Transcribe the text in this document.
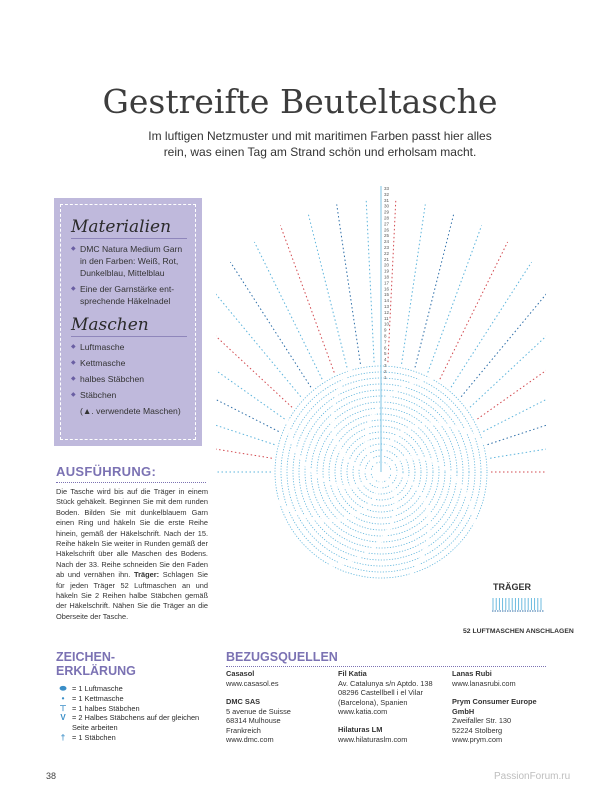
Gestreifte Beuteltasche
Im luftigen Netzmuster und mit maritimen Farben passt hier alles rein, was einen Tag am Strand schön und erholsam macht.
Materialien
◆ DMC Natura Medium Garn in den Farben: Weiß, Rot, Dunkelblau, Mittelblau
◆ Eine der Garnstärke entsprechende Häkelnadel
Maschen
◆ Luftmasche
◆ Kettmasche
◆ halbes Stäbchen
◆ Stäbchen
(▲. verwendete Maschen)
AUSFÜHRUNG:
Die Tasche wird bis auf die Träger in einem Stück gehäkelt. Beginnen Sie mit dem runden Boden. Bilden Sie mit dunkelblauem Garn einen Ring und häkeln Sie die erste Reihe hinein, gemäß der Häkelschrift. Nach der 15. Reihe häkeln Sie weiter in Runden gemäß der Häkelschrift über alle Maschen des Bodens. Nach der 33. Reihe schneiden Sie den Faden ab und vernähen ihn. Träger: Schlagen Sie für jeden Träger 52 Luftmaschen an und häkeln Sie 2 Reihen halbe Stäbchen gemäß der Häkelschrift. Nähen Sie die Träger an die Oberseite der Tasche.
33
32
31
30
29
28
27
26
25
24
23
22
21
20
19
18
17
16
15
14
13
12
11
10
9
8
7
6
5
4
3
2
1
TRÄGER
52 LUFTMASCHEN ANSCHLAGEN
ZEICHEN-
ERKLÄRUNG
⬬ = 1 Luftmasche
•	= 1 Kettmasche
⊤ = 1 halbes Stäbchen
V = 2 Halbes Stäbchens auf der gleichen Seite arbeiten
† = 1 Stäbchen
BEZUGSQUELLEN
Casasol
www.casasol.es
DMC SAS
5 avenue de Suisse
68314 Mulhouse
Frankreich
www.dmc.com
Fil Katia
Av. Catalunya s/n Aptdo. 138
08296 Castellbell i el Vilar
(Barcelona), Spanien
www.katia.com
Hilaturas LM
www.hilaturaslm.com
Lanas Rubi
www.lanasrubi.com
Prym Consumer Europe GmbH
Zweifaller Str. 130
52224 Stolberg
www.prym.com
38	PassionForum.ru
